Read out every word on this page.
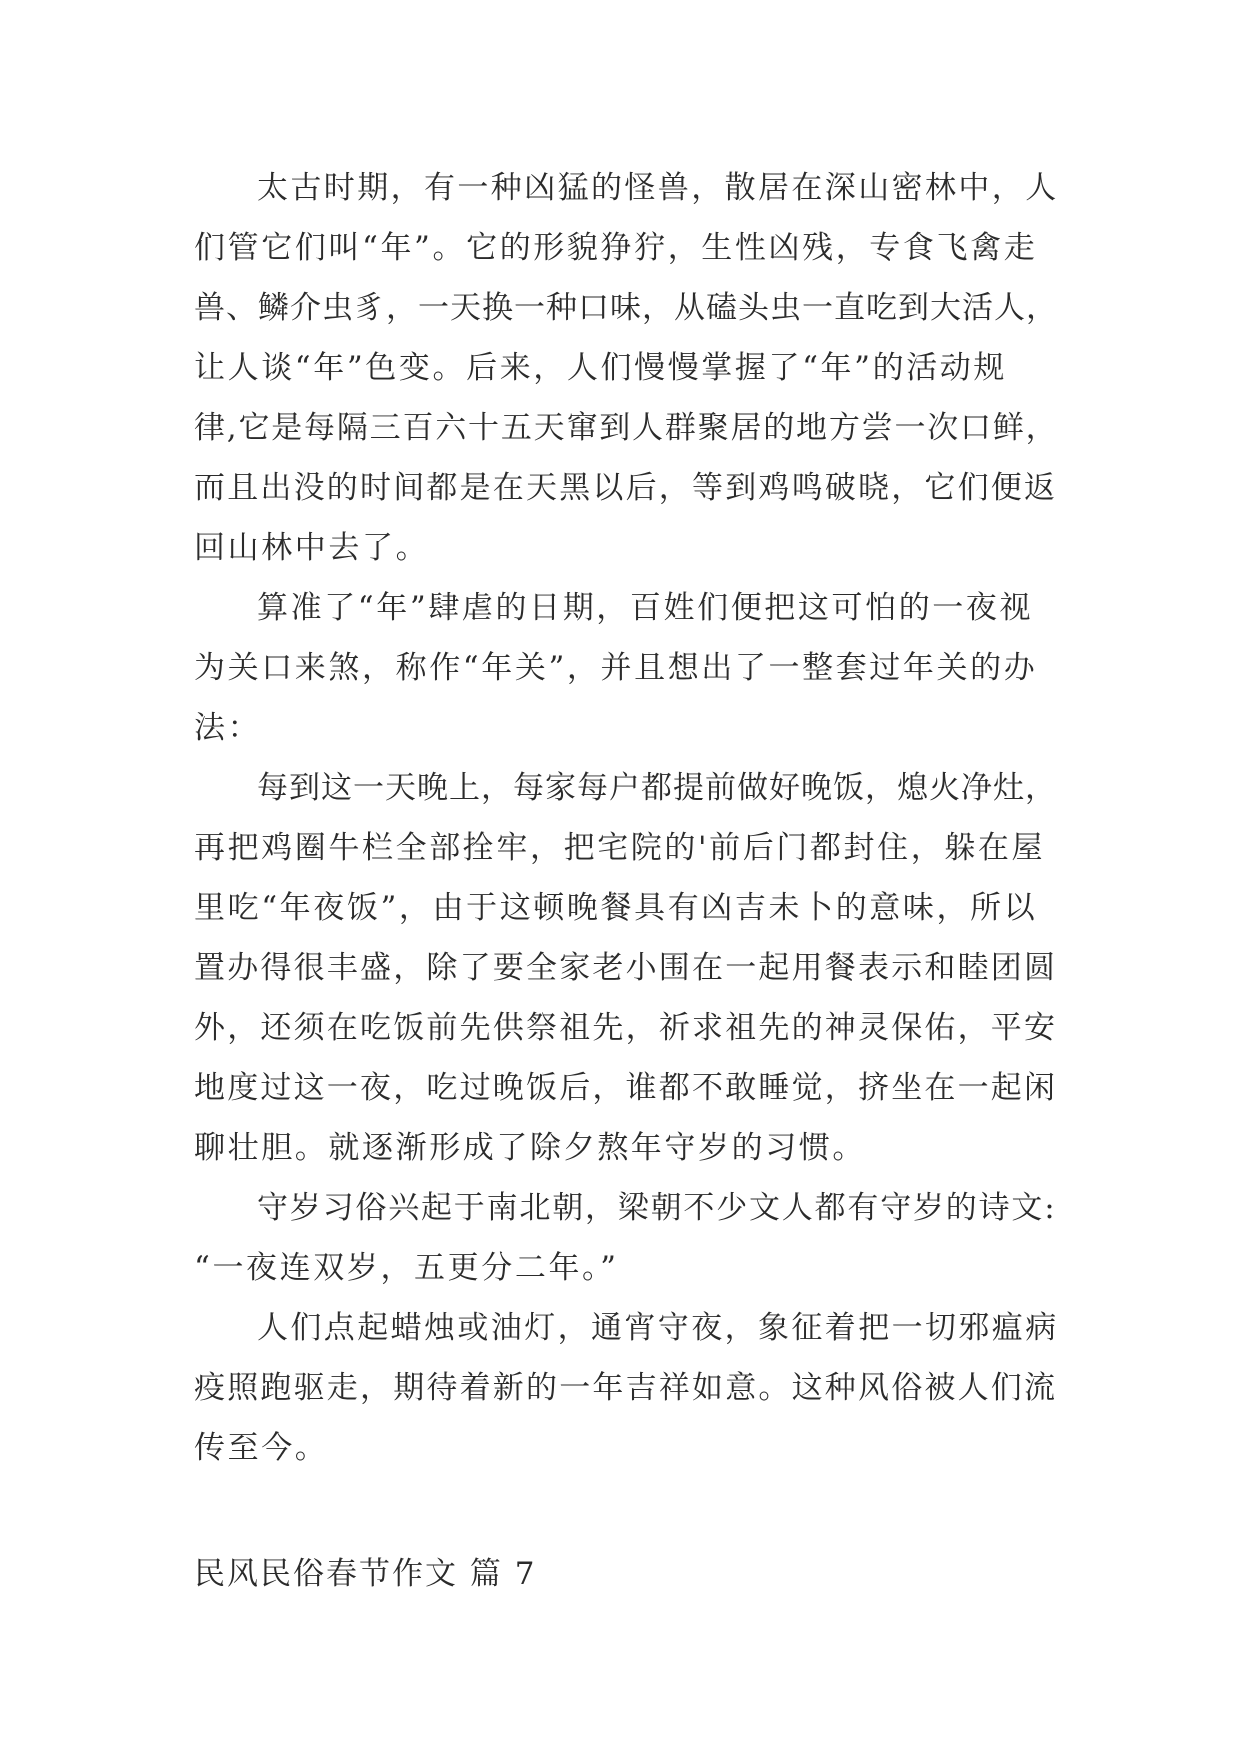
太古时期，有一种凶猛的怪兽，散居在深山密林中，人
们管它们叫“年”。它的形貌狰狞，生性凶残，专食飞禽走
兽、鳞介虫豸，一天换一种口味，从磕头虫一直吃到大活人，
让人谈“年”色变。后来，人们慢慢掌握了“年”的活动规
律,它是每隔三百六十五天窜到人群聚居的地方尝一次口鲜，
而且出没的时间都是在天黑以后，等到鸡鸣破晓，它们便返
回山林中去了。
算准了“年”肆虐的日期，百姓们便把这可怕的一夜视
为关口来煞，称作“年关”，并且想出了一整套过年关的办
法：
每到这一天晚上，每家每户都提前做好晚饭，熄火净灶，
再把鸡圈牛栏全部拴牢，把宅院的'前后门都封住，躲在屋
里吃“年夜饭”，由于这顿晚餐具有凶吉未卜的意味，所以
置办得很丰盛，除了要全家老小围在一起用餐表示和睦团圆
外，还须在吃饭前先供祭祖先，祈求祖先的神灵保佑，平安
地度过这一夜，吃过晚饭后，谁都不敢睡觉，挤坐在一起闲
聊壮胆。就逐渐形成了除夕熬年守岁的习惯。
守岁习俗兴起于南北朝，梁朝不少文人都有守岁的诗文:
“一夜连双岁，五更分二年。”
人们点起蜡烛或油灯，通宵守夜，象征着把一切邪瘟病
疫照跑驱走，期待着新的一年吉祥如意。这种风俗被人们流
传至今。
民风民俗春节作文 篇 7
